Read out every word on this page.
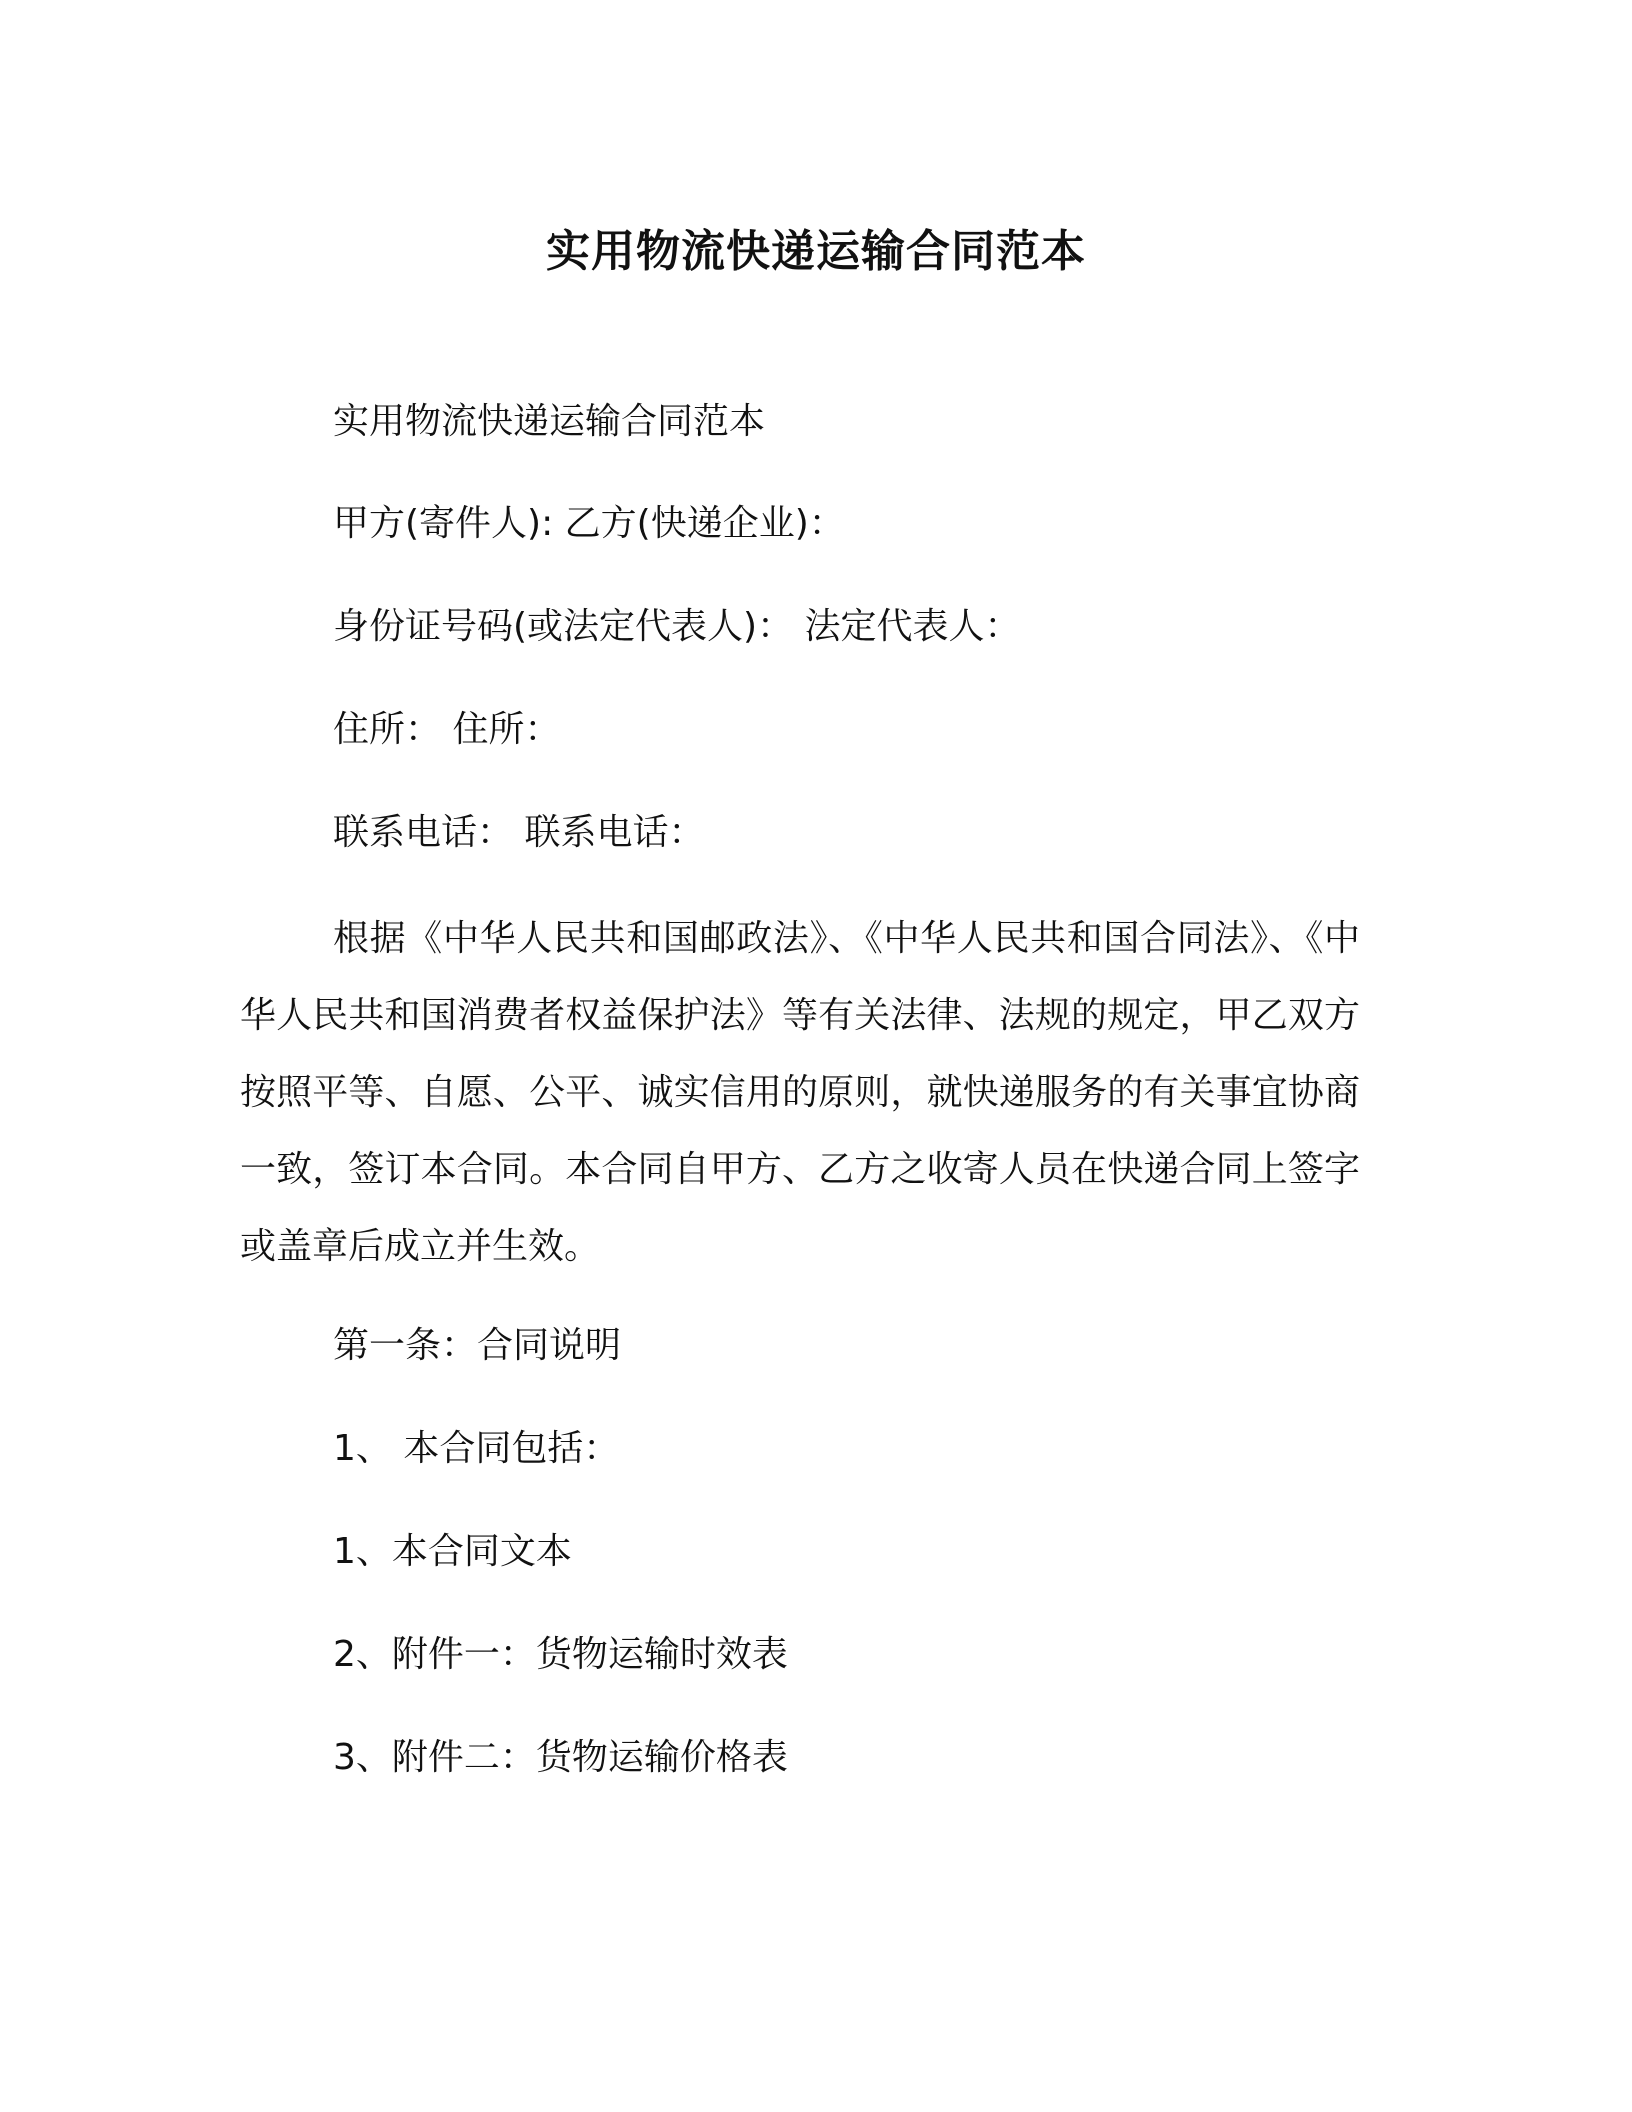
实用物流快递运输合同范本
实用物流快递运输合同范本
甲方(寄件人): 乙方(快递企业)：
身份证号码(或法定代表人)： 法定代表人：
住所： 住所：
联系电话： 联系电话：
根据《中华人民共和国邮政法》、《中华人民共和国合同法》、《中华人民共和国消费者权益保护法》等有关法律、法规的规定，甲乙双方按照平等、自愿、公平、诚实信用的原则，就快递服务的有关事宜协商一致，签订本合同。本合同自甲方、乙方之收寄人员在快递合同上签字或盖章后成立并生效。
第一条：合同说明
1、 本合同包括：
1、本合同文本
2、附件一：货物运输时效表
3、附件二：货物运输价格表
